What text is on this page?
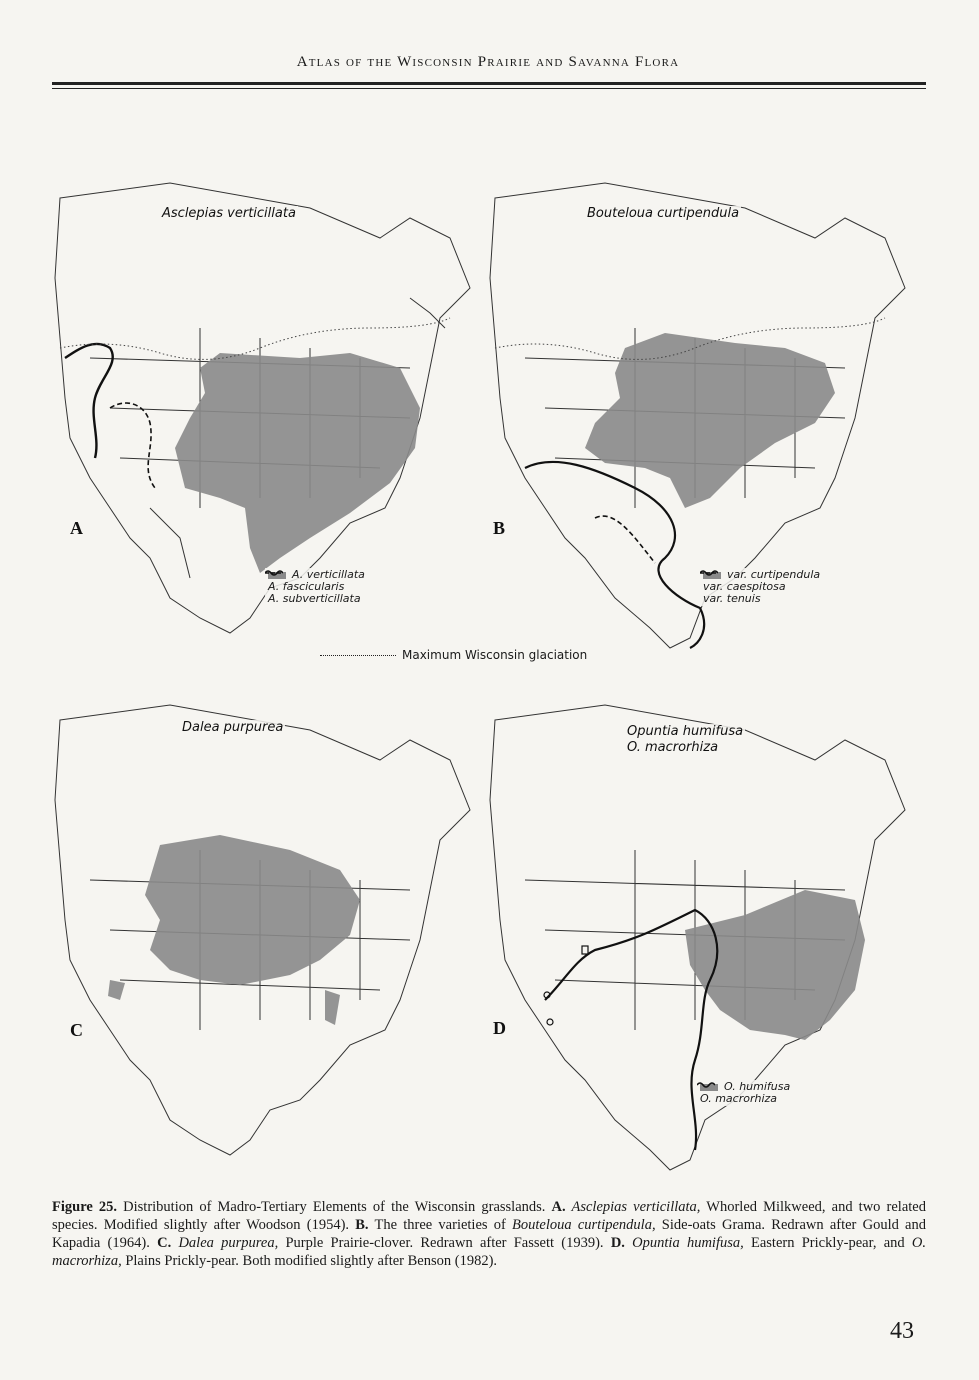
Atlas of the Wisconsin Prairie and Savanna Flora
Asclepias verticillata
A
A. verticillata
A. fascicularis
A. subverticillata
Bouteloua curtipendula
B
var. curtipendula
var. caespitosa
var. tenuis
Maximum Wisconsin glaciation
Dalea purpurea
C
Opuntia humifusa
O. macrorhiza
D
O. humifusa
O. macrorhiza
Figure 25. Distribution of Madro-Tertiary Elements of the Wisconsin grasslands. A. Asclepias verticillata, Whorled Milkweed, and two related species. Modified slightly after Woodson (1954). B. The three varieties of Bouteloua curtipendula, Side-oats Grama. Redrawn after Gould and Kapadia (1964). C. Dalea purpurea, Purple Prairie-clover. Redrawn after Fassett (1939). D. Opuntia humifusa, Eastern Prickly-pear, and O. macrorhiza, Plains Prickly-pear. Both modified slightly after Benson (1982).
43
